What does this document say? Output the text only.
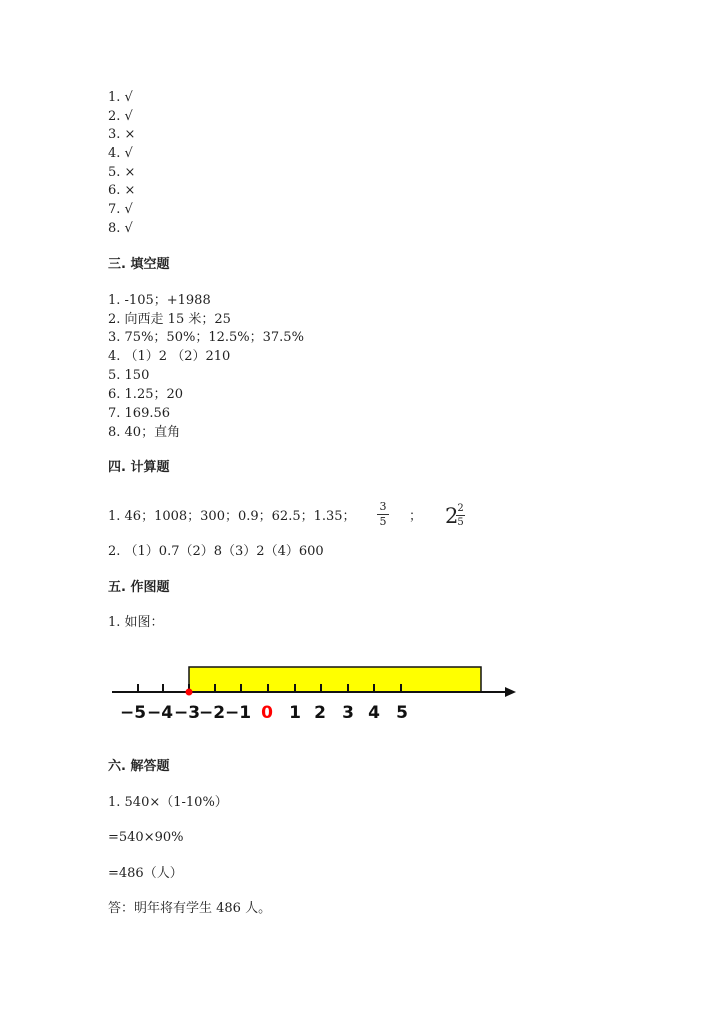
1. √
2. √
3. ×
4. √
5. ×
6. ×
7. √
8. √
三. 填空题
1. -105；+1988
2. 向西走 15 米；25
3. 75%；50%；12.5%；37.5%
4. （1）2 （2）210
5. 150
6. 1.25；20
7. 169.56
8. 40；直角
四. 计算题
1. 46；1008；300；0.9；62.5；1.35；
3
5 ； 2
2
5
2. （1）0.7（2）8（3）2（4）600
五. 作图题
1. 如图：
−5 −4 −3
−2 −1 0 1 2 3 4 5
六. 解答题
1. 540×（1-10%）
=540×90%
=486（人）
答：明年将有学生 486 人。
